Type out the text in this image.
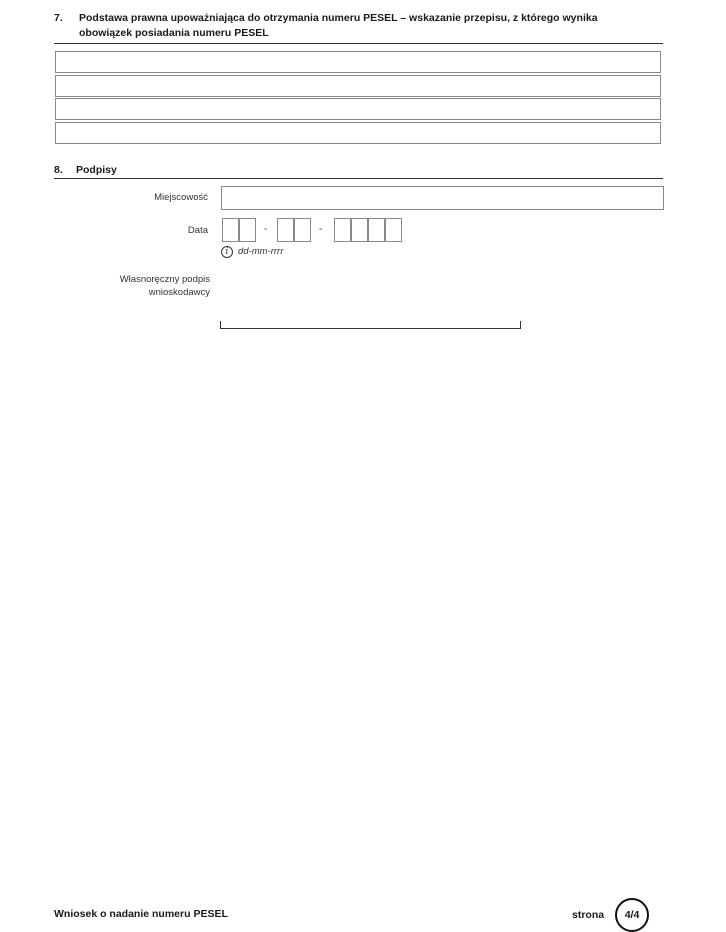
7. Podstawa prawna upoważniająca do otrzymania numeru PESEL – wskazanie przepisu, z którego wynika obowiązek posiadania numeru PESEL
8. Podpisy
Miejscowość
Data	-	-
i	dd-mm-rrrr
Własnoręczny podpis wnioskodawcy
Wniosek o nadanie numeru PESEL	strona	4/4
